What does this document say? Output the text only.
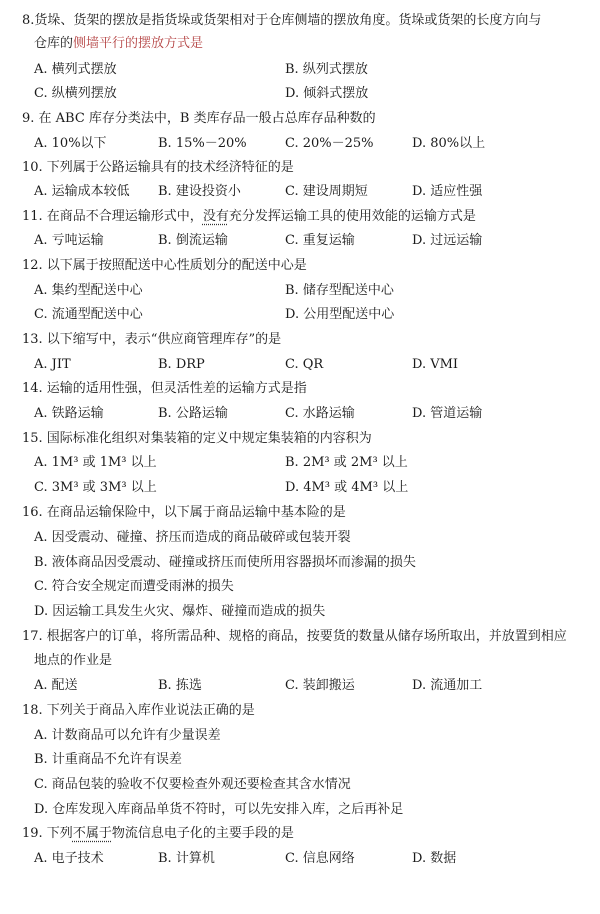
8.货垛、货架的摆放是指货垛或货架相对于仓库侧墙的摆放角度。货垛或货架的长度方向与
仓库的侧墙平行的摆放方式是
A. 横列式摆放	B. 纵列式摆放
C. 纵横列摆放	D. 倾斜式摆放
9. 在 ABC 库存分类法中，B 类库存品一般占总库存品种数的
A. 10%以下	B. 15%－20%	C. 20%－25%	D. 80%以上
10. 下列属于公路运输具有的技术经济特征的是
A. 运输成本较低 B. 建设投资小	C. 建设周期短	D. 适应性强
11. 在商品不合理运输形式中，没有充分发挥运输工具的使用效能的运输方式是
A. 亏吨运输	B. 倒流运输	C. 重复运输	D. 过远运输
12. 以下属于按照配送中心性质划分的配送中心是
A. 集约型配送中心	B. 储存型配送中心
C. 流通型配送中心	D. 公用型配送中心
13. 以下缩写中，表示“供应商管理库存”的是
A. JIT	B. DRP	C. QR	D. VMI
14. 运输的适用性强，但灵活性差的运输方式是指
A. 铁路运输	B. 公路运输	C. 水路运输	D. 管道运输
15. 国际标准化组织对集装箱的定义中规定集装箱的内容积为
A. 1M³ 或 1M³ 以上	B. 2M³ 或 2M³ 以上
C. 3M³ 或 3M³ 以上	D. 4M³ 或 4M³ 以上
16. 在商品运输保险中，以下属于商品运输中基本险的是
A. 因受震动、碰撞、挤压而造成的商品破碎或包装开裂
B. 液体商品因受震动、碰撞或挤压而使所用容器损坏而渗漏的损失
C. 符合安全规定而遭受雨淋的损失
D. 因运输工具发生火灾、爆炸、碰撞而造成的损失
17. 根据客户的订单，将所需品种、规格的商品，按要货的数量从储存场所取出，并放置到相应
地点的作业是
A. 配送	B. 拣选	C. 装卸搬运	D. 流通加工
18. 下列关于商品入库作业说法正确的是
A. 计数商品可以允许有少量误差
B. 计重商品不允许有误差
C. 商品包装的验收不仅要检查外观还要检查其含水情况
D. 仓库发现入库商品单货不符时，可以先安排入库，之后再补足
19. 下列不属于物流信息电子化的主要手段的是
A. 电子技术	B. 计算机	C. 信息网络	D. 数据
